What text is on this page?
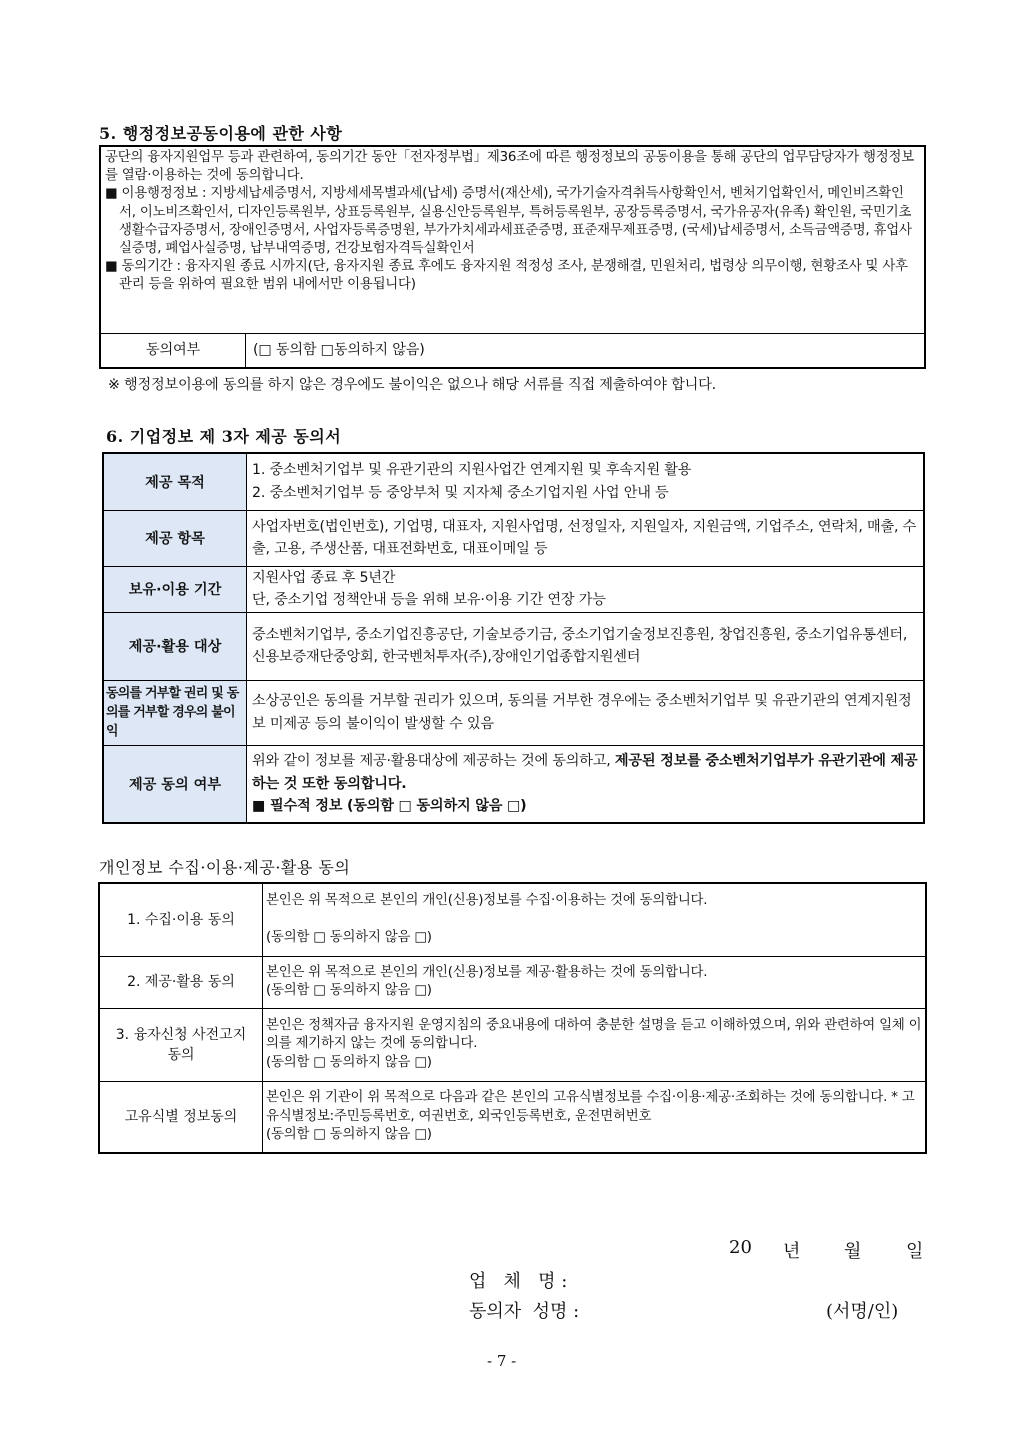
5. 행정정보공동이용에 관한 사항
공단의 융자지원업무 등과 관련하여, 동의기간 동안「전자정부법」제36조에 따른 행정정보의 공동이용을 통해 공단의 업무담당자가 행정정보를 열람·이용하는 것에 동의합니다.
■ 이용행정정보 : 지방세납세증명서, 지방세세목별과세(납세) 증명서(재산세), 국가기술자격취득사항확인서, 벤처기업확인서, 메인비즈확인서, 이노비즈확인서, 디자인등록원부, 상표등록원부, 실용신안등록원부, 특허등록원부, 공장등록증명서, 국가유공자(유족) 확인원, 국민기초생활수급자증명서, 장애인증명서, 사업자등록증명원, 부가가치세과세표준증명, 표준재무제표증명, (국세)납세증명서, 소득금액증명, 휴업사실증명, 폐업사실증명, 납부내역증명, 건강보험자격득실확인서
■ 동의기간 : 융자지원 종료 시까지(단, 융자지원 종료 후에도 융자지원 적정성 조사, 분쟁해결, 민원처리, 법령상 의무이행, 현황조사 및 사후관리 등을 위하여 필요한 범위 내에서만 이용됩니다)
동의여부	(□ 동의함 □동의하지 않음)
※ 행정정보이용에 동의를 하지 않은 경우에도 불이익은 없으나 해당 서류를 직접 제출하여야 합니다.
6. 기업정보 제 3자 제공 동의서
제공 목적	1. 중소벤처기업부 및 유관기관의 지원사업간 연계지원 및 후속지원 활용
2. 중소벤처기업부 등 중앙부처 및 지자체 중소기업지원 사업 안내 등

제공 항목	사업자번호(법인번호), 기업명, 대표자, 지원사업명, 선정일자, 지원일자, 지원금액, 기업주소, 연락처, 매출, 수출, 고용, 주생산품, 대표전화번호, 대표이메일 등
보유·이용 기간	지원사업 종료 후 5년간
단, 중소기업 정책안내 등을 위해 보유·이용 기간 연장 가능

제공·활용 대상	중소벤처기업부, 중소기업진흥공단, 기술보증기금, 중소기업기술정보진흥원, 창업진흥원, 중소기업유통센터, 신용보증재단중앙회, 한국벤처투자(주),장애인기업종합지원센터
동의를 거부할 권리 및 동의를 거부할 경우의 불이익	소상공인은 동의를 거부할 권리가 있으며, 동의를 거부한 경우에는 중소벤처기업부 및 유관기관의 연계지원정보 미제공 등의 불이익이 발생할 수 있음
제공 동의 여부	위와 같이 정보를 제공·활용대상에 제공하는 것에 동의하고, 제공된 정보를 중소벤처기업부가 유관기관에 제공하는 것 또한 동의합니다.
■ 필수적 정보 (동의함 □ 동의하지 않음 □)
개인정보 수집·이용·제공·활용 동의
1. 수집·이용 동의	본인은 위 목적으로 본인의 개인(신용)정보를 수집·이용하는 것에 동의합니다.
(동의함 □ 동의하지 않음 □)

2. 제공·활용 동의	본인은 위 목적으로 본인의 개인(신용)정보를 제공·활용하는 것에 동의합니다.
(동의함 □ 동의하지 않음 □)

3. 융자신청 사전고지 동의	본인은 정책자금 융자지원 운영지침의 중요내용에 대하여 충분한 설명을 듣고 이해하였으며, 위와 관련하여 일체 이의를 제기하지 않는 것에 동의합니다.
(동의함 □ 동의하지 않음 □)

고유식별 정보동의	본인은 위 기관이 위 목적으로 다음과 같은 본인의 고유식별정보를 수집·이용·제공·조회하는 것에 동의합니다. * 고유식별정보:주민등록번호, 여권번호, 외국인등록번호, 운전면허번호
(동의함 □ 동의하지 않음 □)
20 년 월 일
업   체   명 :
동의자  성명 :	(서명/인)
- 7 -
